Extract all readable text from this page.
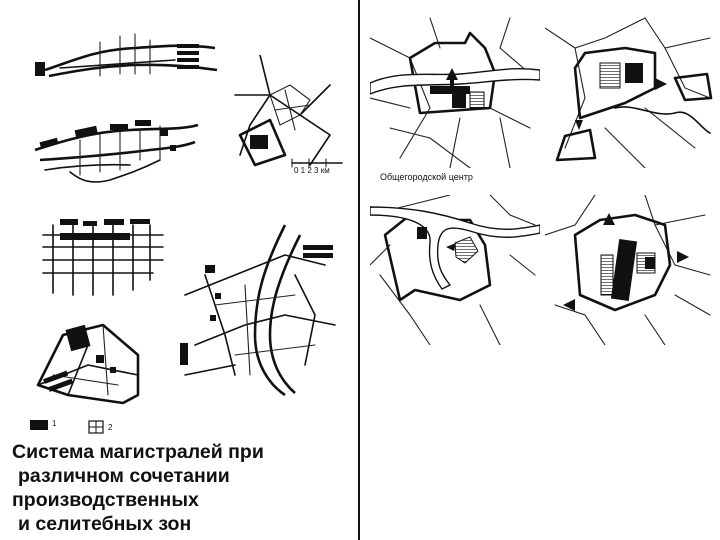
0 1 2 3 км
1	2
Система магистралей при
различном сочетании
производственных
и селитебных зон
Общегородской центр
